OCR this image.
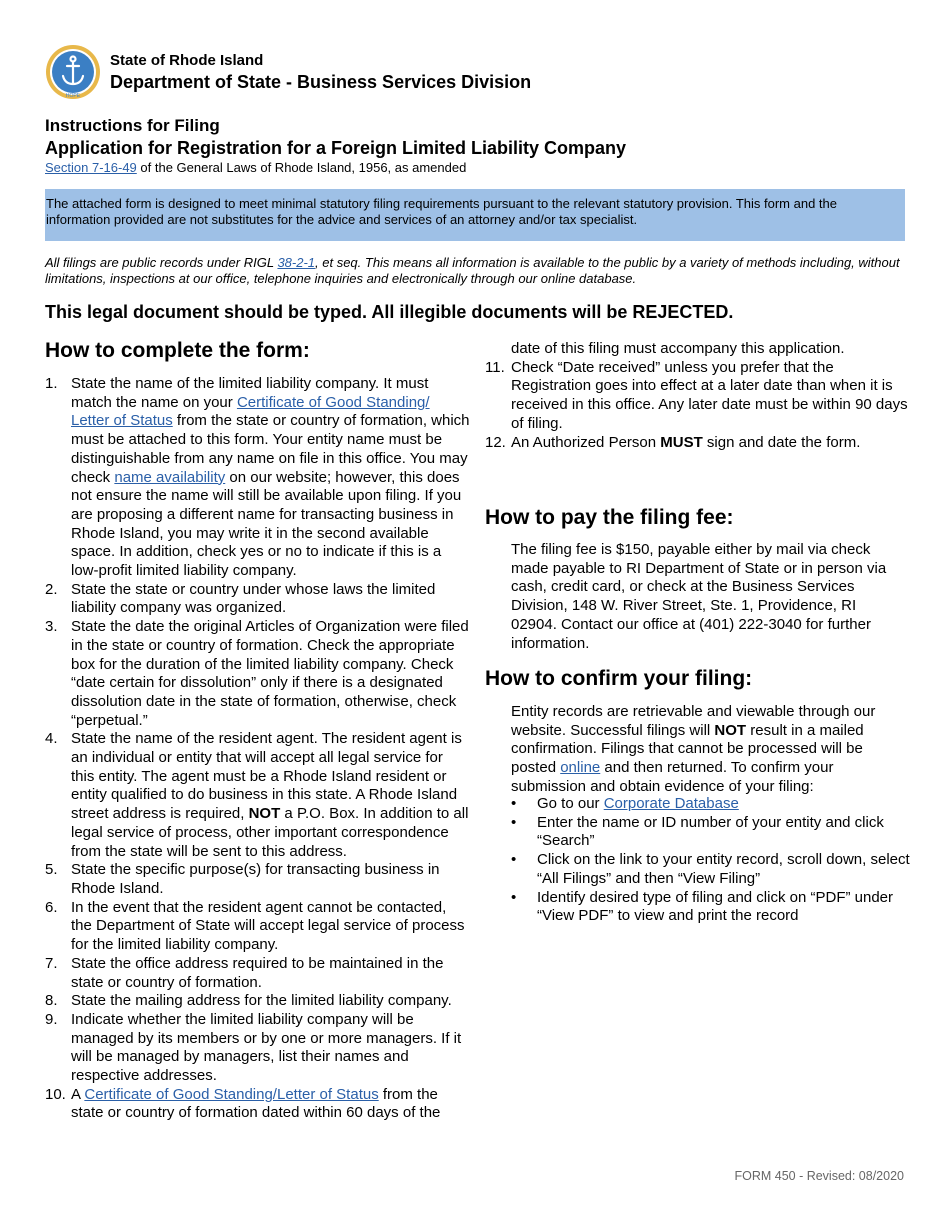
HOPE
State of Rhode Island
Department of State - Business Services Division
Instructions for Filing
Application for Registration for a Foreign Limited Liability Company
Section 7-16-49 of the General Laws of Rhode Island, 1956, as amended
The attached form is designed to meet minimal statutory filing requirements pursuant to the relevant statutory provision. This form and the information provided are not substitutes for the advice and services of an attorney and/or tax specialist.
All filings are public records under RIGL 38-2-1, et seq. This means all information is available to the public by a variety of methods including, without limitations, inspections at our office, telephone inquiries and electronically through our online database.
This legal document should be typed. All illegible documents will be REJECTED.
How to complete the form:
1. State the name of the limited liability company. It must match the name on your Certificate of Good Standing/ Letter of Status from the state or country of formation, which must be attached to this form. Your entity name must be distinguishable from any name on file in this office. You may check name availability on our website; however, this does not ensure the name will still be available upon filing. If you are proposing a different name for transacting business in Rhode Island, you may write it in the second available space. In addition, check yes or no to indicate if this is a low-profit limited liability company.
2. State the state or country under whose laws the limited liability company was organized.
3. State the date the original Articles of Organization were filed in the state or country of formation. Check the appropriate box for the duration of the limited liability company. Check “date certain for dissolution” only if there is a designated dissolution date in the state of formation, otherwise, check “perpetual.”
4. State the name of the resident agent. The resident agent is an individual or entity that will accept all legal service for this entity. The agent must be a Rhode Island resident or entity qualified to do business in this state. A Rhode Island street address is required, NOT a P.O. Box. In addition to all legal service of process, other important correspondence from the state will be sent to this address.
5. State the specific purpose(s) for transacting business in Rhode Island.
6. In the event that the resident agent cannot be contacted, the Department of State will accept legal service of process for the limited liability company.
7. State the office address required to be maintained in the state or country of formation.
8. State the mailing address for the limited liability company.
9. Indicate whether the limited liability company will be managed by its members or by one or more managers. If it will be managed by managers, list their names and respective addresses.
10. A Certificate of Good Standing/Letter of Status from the state or country of formation dated within 60 days of the
date of this filing must accompany this application.
11. Check “Date received” unless you prefer that the Registration goes into effect at a later date than when it is received in this office. Any later date must be within 90 days of filing.
12. An Authorized Person MUST sign and date the form.
How to pay the filing fee:
The filing fee is $150, payable either by mail via check made payable to RI Department of State or in person via cash, credit card, or check at the Business Services Division, 148 W. River Street, Ste. 1, Providence, RI 02904. Contact our office at (401) 222-3040 for further information.
How to confirm your filing:
Entity records are retrievable and viewable through our website. Successful filings will NOT result in a mailed confirmation. Filings that cannot be processed will be posted online and then returned. To confirm your submission and obtain evidence of your filing:
• Go to our Corporate Database
• Enter the name or ID number of your entity and click “Search”
• Click on the link to your entity record, scroll down, select “All Filings” and then “View Filing”
• Identify desired type of filing and click on “PDF” under “View PDF” to view and print the record
FORM 450 - Revised: 08/2020
